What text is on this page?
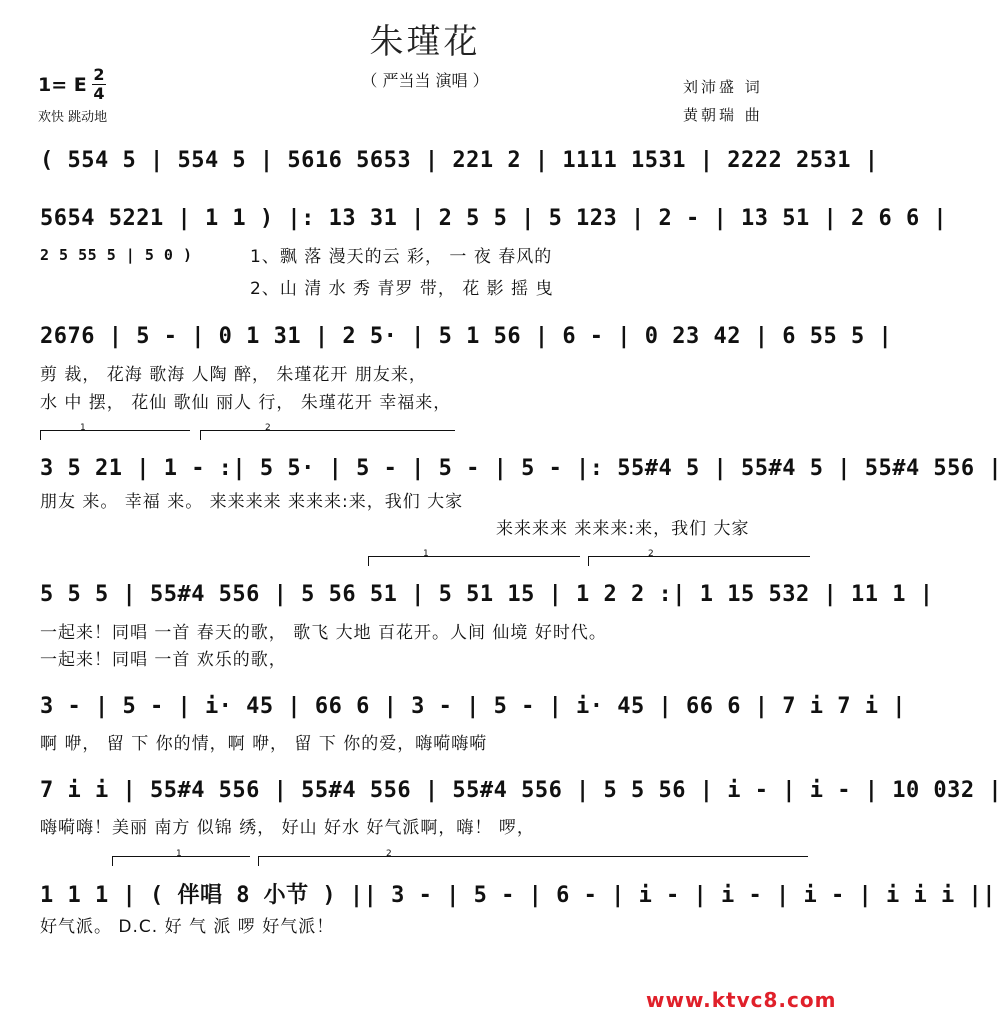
朱瑾花
（ 严当当 演唱 ）
1= E 2
4
欢快 跳动地
刘沛盛 词
黄朝瑞 曲
( 554 5 | 554 5 | 5616 5653 | 221 2 | 1111 1531 | 2222 2531 |
5654 5221 | 1 1 ) |: 13 31 | 2 5 5 | 5 123 | 2 - | 13 51 | 2 6 6 |
2 5 55 5 | 5 0 )	1、飘 落 漫天的云 彩， 一 夜 春风的
2、山 清 水 秀 青罗 带， 花 影 摇 曳
2676 | 5 - | 0 1 31 | 2 5· | 5 1 56 | 6 - | 0 23 42 | 6 55 5 |
剪 裁， 花海 歌海 人陶 醉， 朱瑾花开 朋友来，
水 中 摆， 花仙 歌仙 丽人 行， 朱瑾花开 幸福来，
1	2
3 5 21 | 1 - :| 5 5· | 5 - | 5 - | 5 - |: 55#4 5 | 55#4 5 | 55#4 556 |
朋友 来。 幸福 来。 来来来来 来来来:来，我们 大家
来来来来 来来来:来，我们 大家
1	2
5 5 5 | 55#4 556 | 5 56 51 | 5 51 15 | 1 2 2 :| 1 15 532 | 11 1 |
一起来！同唱 一首 春天的歌， 歌飞 大地 百花开。人间 仙境 好时代。
一起来！同唱 一首 欢乐的歌，
3 - | 5 - | i· 45 | 66 6 | 3 - | 5 - | i· 45 | 66 6 | 7 i 7 i |
啊 咿， 留 下 你的情，啊 咿， 留 下 你的爱，嗨嗬嗨嗬
7 i i | 55#4 556 | 55#4 556 | 55#4 556 | 5 5 56 | i - | i - | 10 032 |
嗨嗬嗨！美丽 南方 似锦 绣， 好山 好水 好气派啊，嗨！ 啰，
1	2
1 1 1 | ( 伴唱 8 小节 ) || 3 - | 5 - | 6 - | i - | i - | i - | i i i ||
好气派。 D.C. 好 气 派 啰 好气派！
www.ktvc8.com
